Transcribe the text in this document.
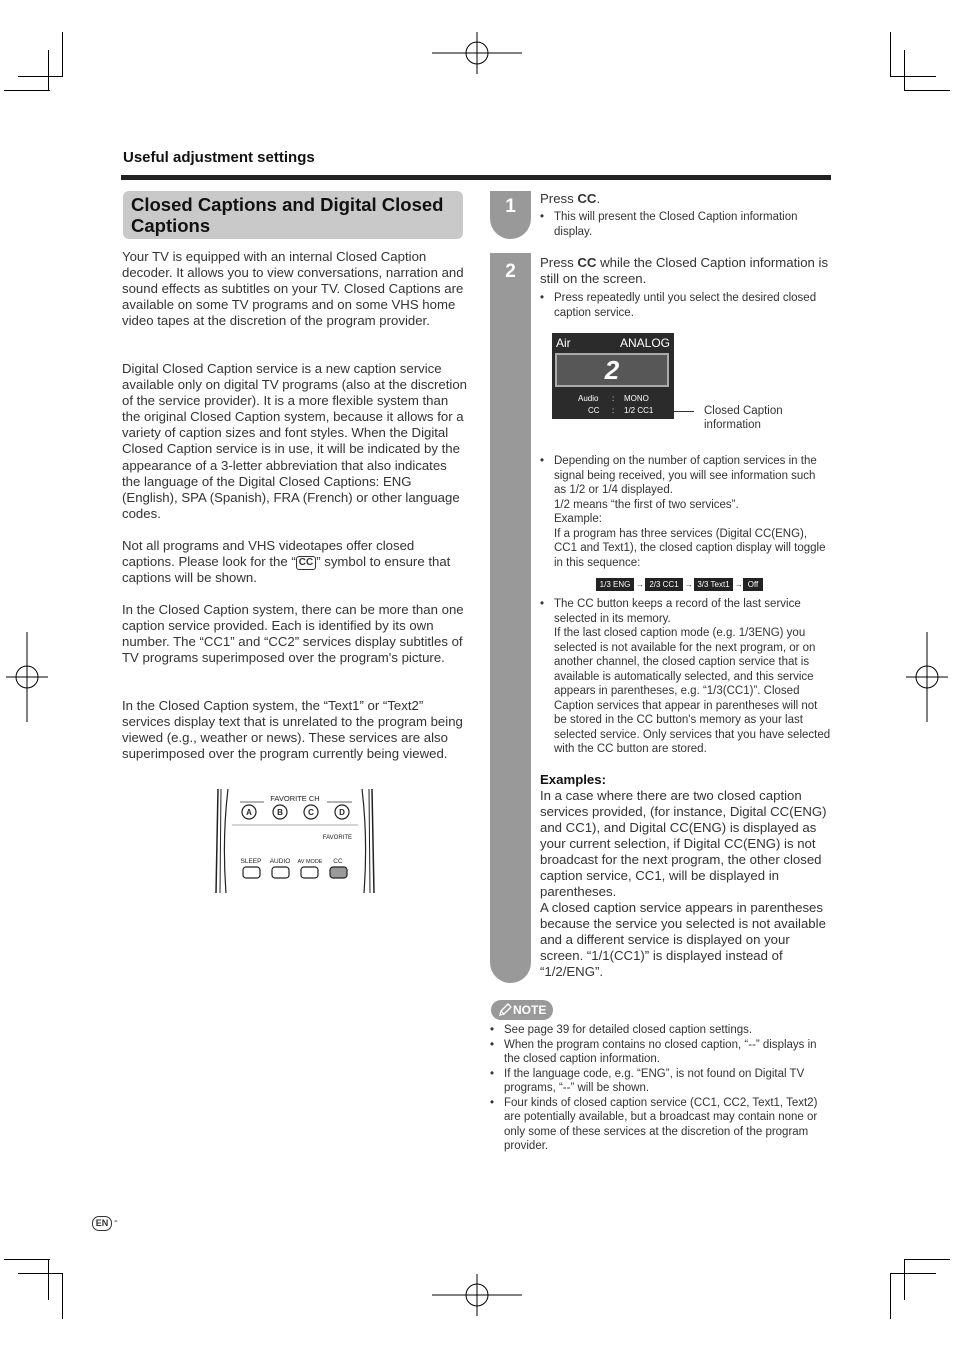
Useful adjustment settings
Closed Captions and Digital Closed Captions

Your TV is equipped with an internal Closed Caption decoder. It allows you to view conversations, narration and sound effects as subtitles on your TV. Closed Captions are available on some TV programs and on some VHS home video tapes at the discretion of the program provider.

Digital Closed Caption service is a new caption service available only on digital TV programs (also at the discretion of the service provider). It is a more flexible system than the original Closed Caption system, because it allows for a variety of caption sizes and font styles. When the Digital Closed Caption service is in use, it will be indicated by the appearance of a 3-letter abbreviation that also indicates the language of the Digital Closed Captions: ENG (English), SPA (Spanish), FRA (French) or other language codes.

Not all programs and VHS videotapes offer closed captions. Please look for the “ CC ” symbol to ensure that captions will be shown.

In the Closed Caption system, there can be more than one caption service provided. Each is identified by its own number. The “CC1” and “CC2” services display subtitles of TV programs superimposed over the program's picture.

In the Closed Caption system, the “Text1” or “Text2” services display text that is unrelated to the program being viewed (e.g., weather or news). These services are also superimposed over the program currently being viewed.

FAVORITE CH
A	B	C	D
FAVORITE
SLEEP AUDIO AV MODE CC
1
2
Press CC.
• This will present the Closed Caption information display.
Press CC while the Closed Caption information is still on the screen.
• Press repeatedly until you select the desired closed caption service.
Air	ANALOG
2
Audio : MONO
CC : 1/2 CC1	Closed Caption information
• Depending on the number of caption services in the signal being received, you will see information such as 1/2 or 1/4 displayed.
1/2 means “the first of two services”.
Example:
If a program has three services (Digital CC(ENG), CC1 and Text1), the closed caption display will toggle in this sequence:
1/3 ENG → 2/3 CC1 → 3/3 Text1 → Off
• The CC button keeps a record of the last service selected in its memory.
If the last closed caption mode (e.g. 1/3ENG) you selected is not available for the next program, or on another channel, the closed caption service that is available is automatically selected, and this service appears in parentheses, e.g. “1/3(CC1)”. Closed Caption services that appear in parentheses will not be stored in the CC button's memory as your last selected service. Only services that you have selected with the CC button are stored.
Examples:
In a case where there are two closed caption services provided, (for instance, Digital CC(ENG) and CC1), and Digital CC(ENG) is displayed as your current selection, if Digital CC(ENG) is not broadcast for the next program, the other closed caption service, CC1, will be displayed in parentheses.
A closed caption service appears in parentheses because the service you selected is not available and a different service is displayed on your screen. “1/1(CC1)” is displayed instead of “1/2/ENG”.
NOTE
• See page 39 for detailed closed caption settings.
• When the program contains no closed caption, “--” displays in the closed caption information.
• If the language code, e.g. “ENG”, is not found on Digital TV programs, “--” will be shown.
• Four kinds of closed caption service (CC1, CC2, Text1, Text2) are potentially available, but a broadcast may contain none or only some of these services at the discretion of the program provider.
EN -
